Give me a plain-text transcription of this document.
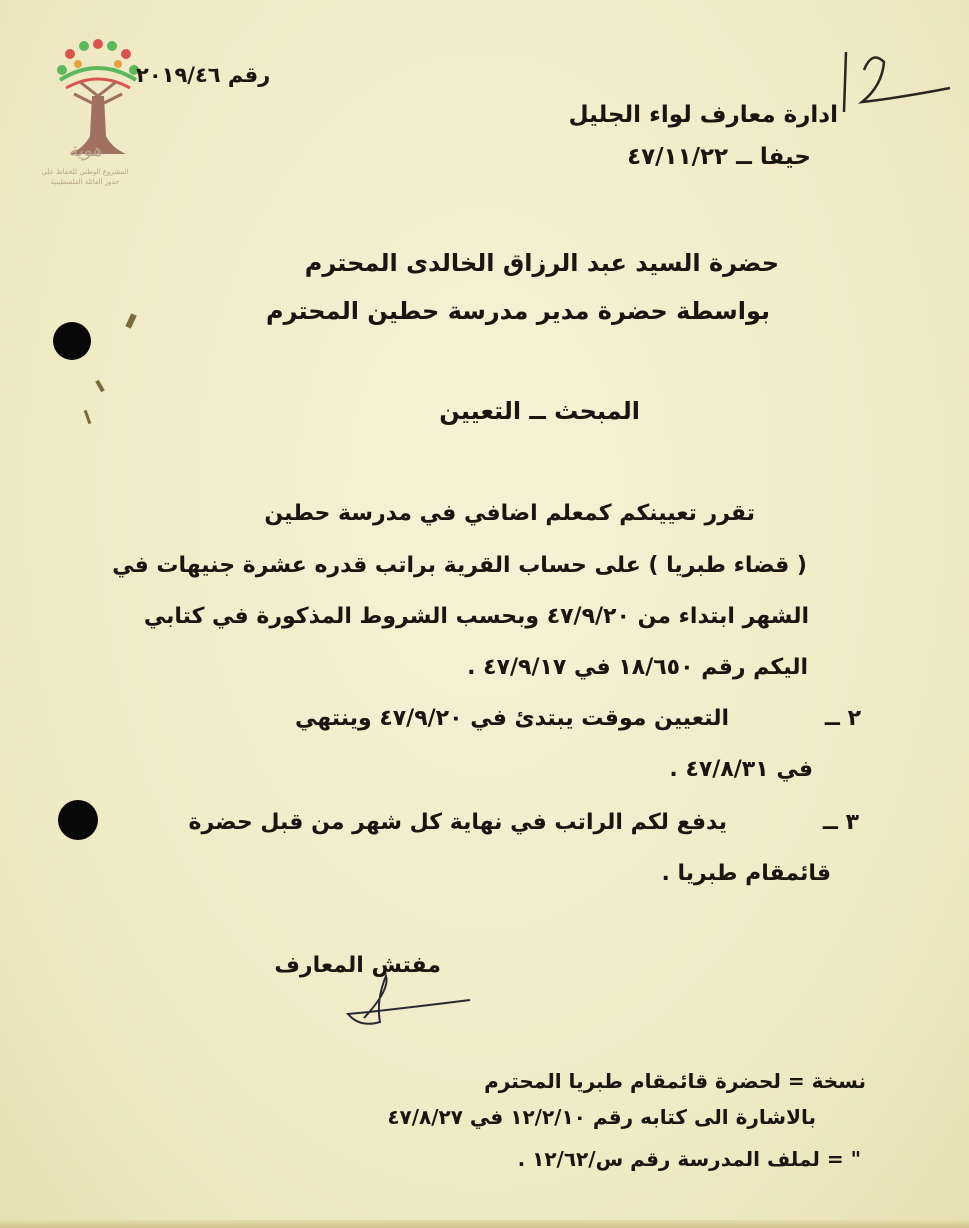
هوية
المشروع الوطني للحفاظ على
جذور العائلة الفلسطينية
رقم ٢٠١٩/٤٦
ادارة معارف لواء الجليل
حيفا ــ ٤٧/١١/٢٢
حضرة السيد عبد الرزاق الخالدى المحترم
بواسطة حضرة مدير مدرسة حطين المحترم
المبحث ــ التعيين
تقرر تعيينكم كمعلم اضافي في مدرسة حطين
( قضاء طبريا ) على حساب القرية براتب قدره عشرة جنيهات في
الشهر ابتداء من ٤٧/٩/٢٠ وبحسب الشروط المذكورة في كتابي
اليكم رقم ١٨/٦٥٠ في ٤٧/٩/١٧ .
٢ ــ
التعيين موقت يبتدئ في ٤٧/٩/٢٠ وينتهي
في ٤٧/٨/٣١ .
٣ ــ
يدفع لكم الراتب في نهاية كل شهر من قبل حضرة
قائمقام طبريا .
مفتش المعارف
نسخة = لحضرة قائمقام طبريا المحترم
بالاشارة الى كتابه رقم ١٢/٢/١٠ في ٤٧/٨/٢٧
" = لملف المدرسة رقم س/١٢/٦٢ .
